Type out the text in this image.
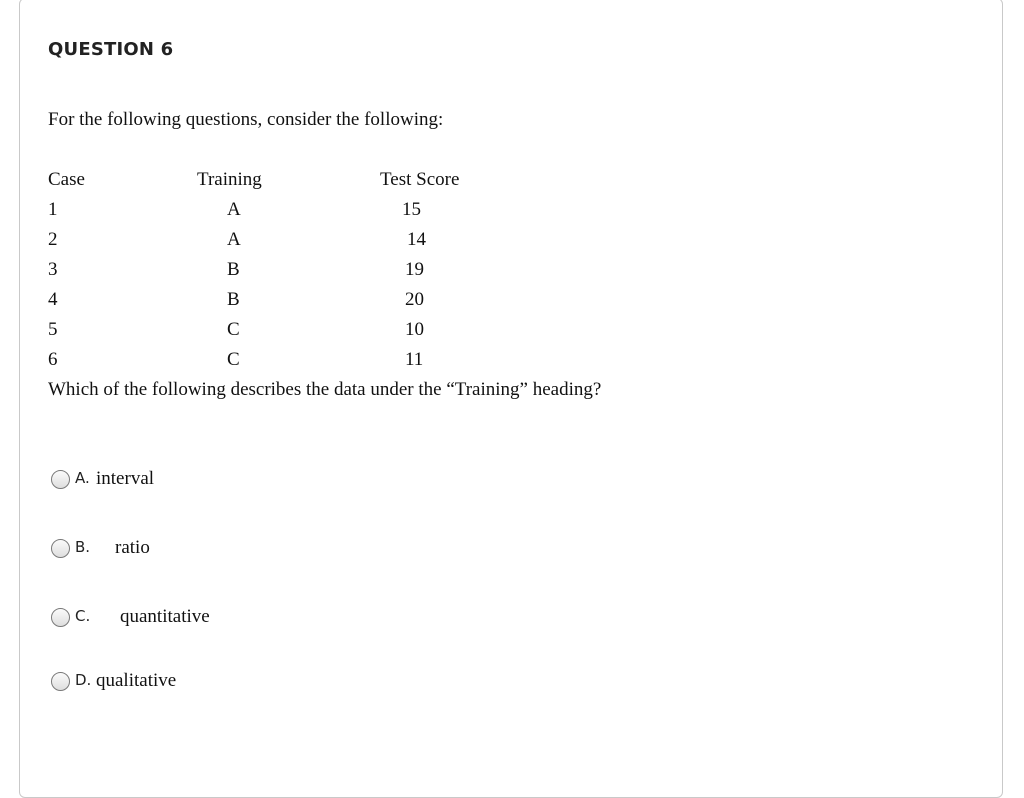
QUESTION 6
For the following questions, consider the following:
Case	Training	Test Score
1	A	15
2	A	14
3	B	19
4	B	20
5	C	10
6	C	11
Which of the following describes the data under the “Training” heading?
A. interval
B. ratio
C. quantitative
D. qualitative
